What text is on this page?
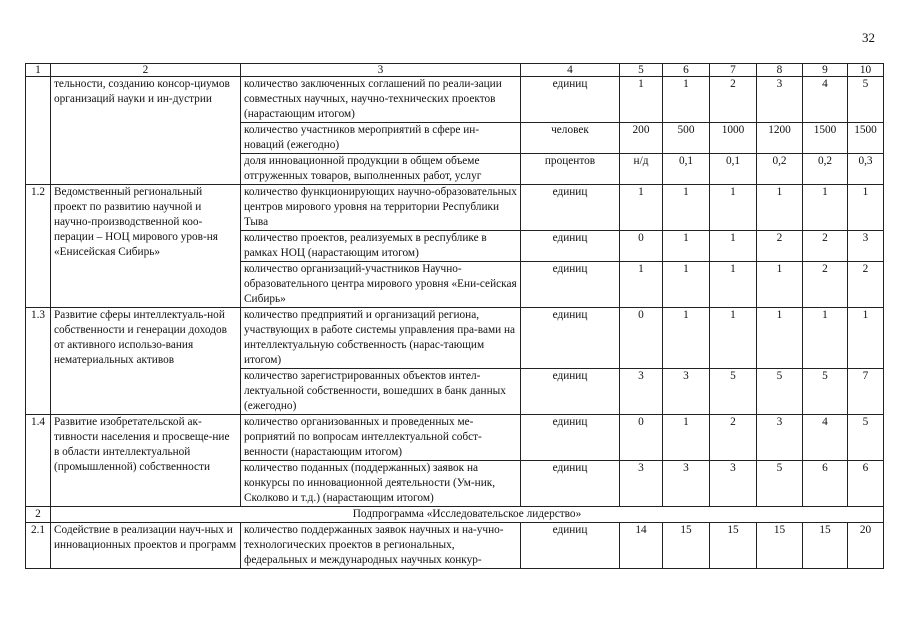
32
1	2	3	4	5	6	7	8	9	10
	тельности, созданию консор-циумов организаций науки и ин-дустрии	количество заключенных соглашений по реали-зации совместных научных, научно-технических проектов (нарастающим итогом)	единиц	1	1	2	3	4	5
		количество участников мероприятий в сфере ин-новаций (ежегодно)	человек	200	500	1000	1200	1500	1500
		доля инновационной продукции в общем объеме отгруженных товаров, выполненных работ, услуг	процентов	н/д	0,1	0,1	0,2	0,2	0,3
1.2	Ведомственный региональный проект по развитию научной и научно-производственной коо-перации – НОЦ мирового уров-ня «Енисейская Сибирь»	количество функционирующих научно-образовательных центров мирового уровня на территории Республики Тыва	единиц	1	1	1	1	1	1
		количество проектов, реализуемых в республике в рамках НОЦ (нарастающим итогом)	единиц	0	1	1	2	2	3
		количество организаций-участников Научно-образовательного центра мирового уровня «Ени-сейская Сибирь»	единиц	1	1	1	1	2	2
1.3	Развитие сферы интеллектуаль-ной собственности и генерации доходов от активного использо-вания нематериальных активов	количество предприятий и организаций региона, участвующих в работе системы управления пра-вами на интеллектуальную собственность (нарас-тающим итогом)	единиц	0	1	1	1	1	1
		количество зарегистрированных объектов интел-лектуальной собственности, вошедших в банк данных (ежегодно)	единиц	3	3	5	5	5	7
1.4	Развитие изобретательской ак-тивности населения и просвеще-ние в области интеллектуальной (промышленной) собственности	количество организованных и проведенных ме-роприятий по вопросам интеллектуальной собст-венности (нарастающим итогом)	единиц	0	1	2	3	4	5
		количество поданных (поддержанных) заявок на конкурсы по инновационной деятельности (Ум-ник, Сколково и т.д.) (нарастающим итогом)	единиц	3	3	3	5	6	6
2	Подпрограмма «Исследовательское лидерство»								
2.1	Содействие в реализации науч-ных и инновационных проектов и программ	количество поддержанных заявок научных и на-учно-технологических проектов в региональных, федеральных и международных научных конкур-	единиц	14	15	15	15	15	20
